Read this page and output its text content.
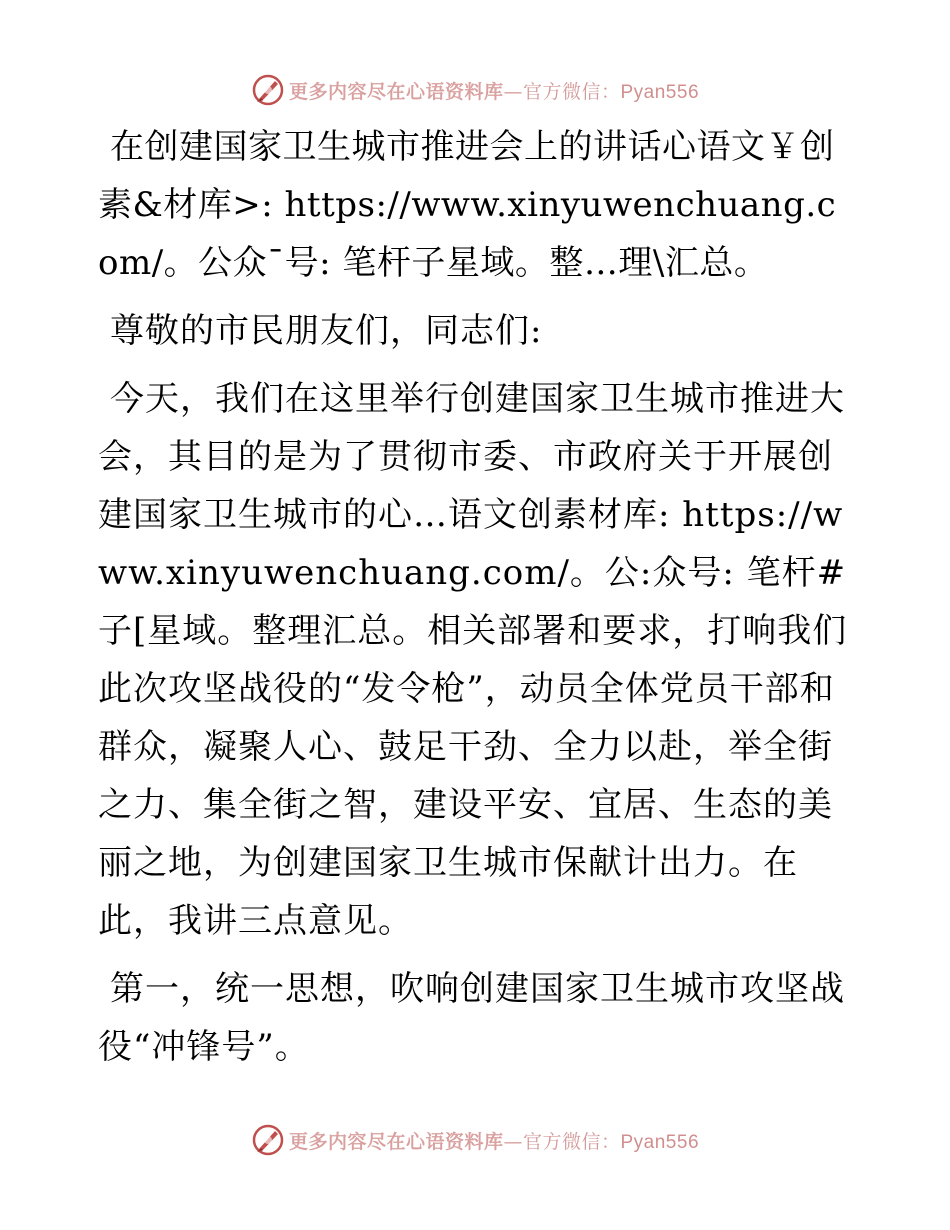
更多内容尽在心语资料库—官方微信：Pyan556

在创建国家卫生城市推进会上的讲话心语文￥创素&材库>: https://www.xinyuwenchuang.com/。公众¯号: 笔杆子星域。整…理\汇总。

尊敬的市民朋友们，同志们:

今天，我们在这里举行创建国家卫生城市推进大会，其目的是为了贯彻市委、市政府关于开展创建国家卫生城市的心…语文创素材库: https://www.xinyuwenchuang.com/。公:众号: 笔杆#子[星域。整理汇总。相关部署和要求，打响我们此次攻坚战役的“发令枪”，动员全体党员干部和群众，凝聚人心、鼓足干劲、全力以赴，举全街之力、集全街之智，建设平安、宜居、生态的美丽之地，为创建国家卫生城市保献计出力。在此，我讲三点意见。

第一，统一思想，吹响创建国家卫生城市攻坚战役“冲锋号”。

更多内容尽在心语资料库—官方微信：Pyan556
